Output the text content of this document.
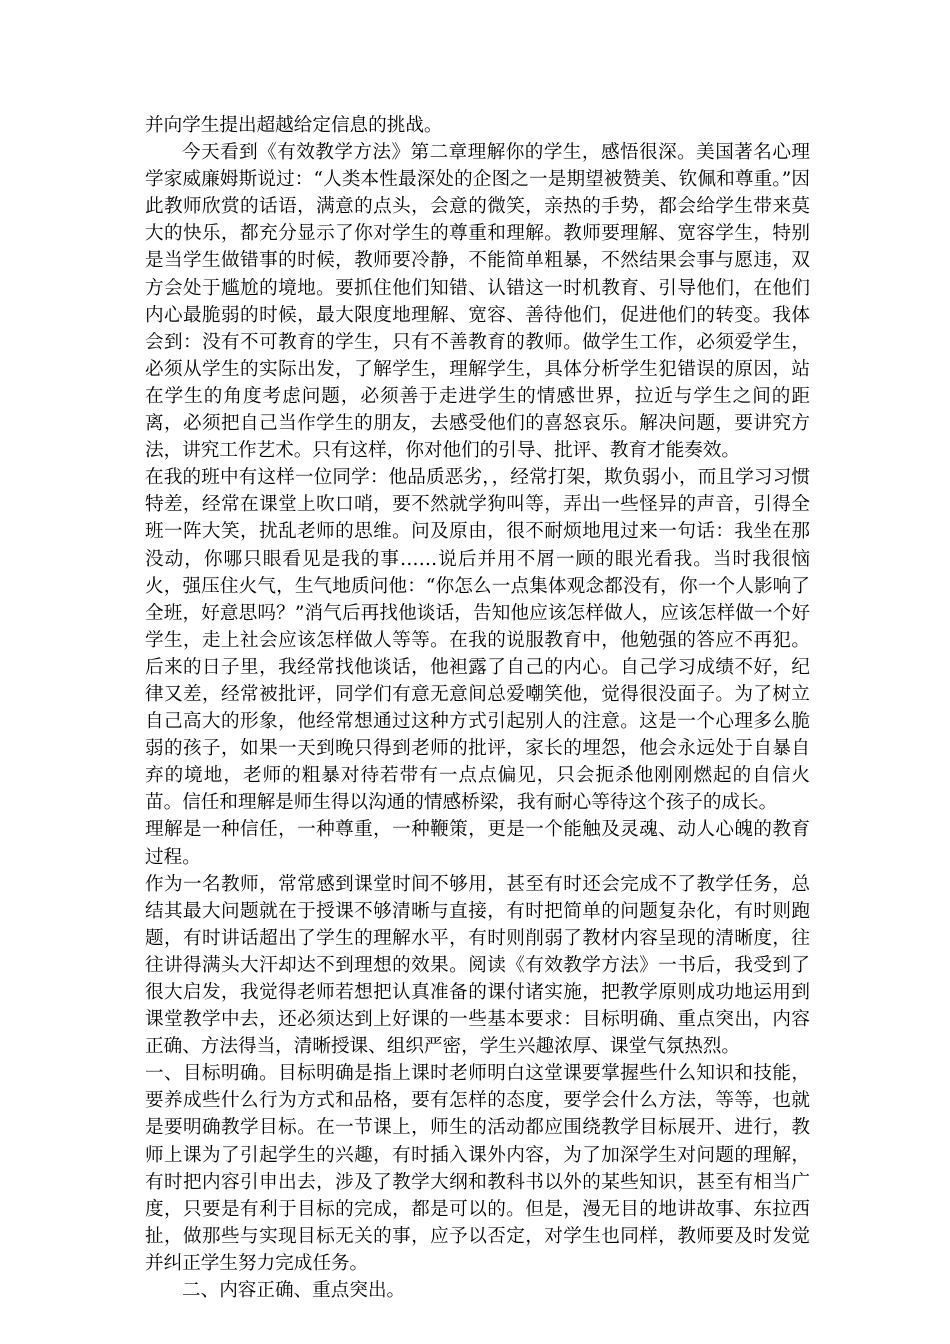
并向学生提出超越给定信息的挑战。

今天看到《有效教学方法》第二章理解你的学生，感悟很深。美国著名心理学家威廉姆斯说过：“人类本性最深处的企图之一是期望被赞美、钦佩和尊重。”因此教师欣赏的话语，满意的点头，会意的微笑，亲热的手势，都会给学生带来莫大的快乐，都充分显示了你对学生的尊重和理解。教师要理解、宽容学生，特别是当学生做错事的时候，教师要冷静，不能简单粗暴，不然结果会事与愿违，双方会处于尴尬的境地。要抓住他们知错、认错这一时机教育、引导他们，在他们内心最脆弱的时候，最大限度地理解、宽容、善待他们，促进他们的转变。我体会到：没有不可教育的学生，只有不善教育的教师。做学生工作，必须爱学生，必须从学生的实际出发，了解学生，理解学生，具体分析学生犯错误的原因，站在学生的角度考虑问题，必须善于走进学生的情感世界，拉近与学生之间的距离，必须把自己当作学生的朋友，去感受他们的喜怒哀乐。解决问题，要讲究方法，讲究工作艺术。只有这样，你对他们的引导、批评、教育才能奏效。

在我的班中有这样一位同学：他品质恶劣，，经常打架，欺负弱小，而且学习习惯特差，经常在课堂上吹口哨，要不然就学狗叫等，弄出一些怪异的声音，引得全班一阵大笑，扰乱老师的思维。问及原由，很不耐烦地甩过来一句话：我坐在那没动，你哪只眼看见是我的事……说后并用不屑一顾的眼光看我。当时我很恼火，强压住火气，生气地质问他：“你怎么一点集体观念都没有，你一个人影响了全班，好意思吗？”消气后再找他谈话，告知他应该怎样做人，应该怎样做一个好学生，走上社会应该怎样做人等等。在我的说服教育中，他勉强的答应不再犯。后来的日子里，我经常找他谈话，他袒露了自己的内心。自己学习成绩不好，纪律又差，经常被批评，同学们有意无意间总爱嘲笑他，觉得很没面子。为了树立自己高大的形象，他经常想通过这种方式引起别人的注意。这是一个心理多么脆弱的孩子，如果一天到晚只得到老师的批评，家长的埋怨，他会永远处于自暴自弃的境地，老师的粗暴对待若带有一点点偏见，只会扼杀他刚刚燃起的自信火苗。信任和理解是师生得以沟通的情感桥梁，我有耐心等待这个孩子的成长。

理解是一种信任，一种尊重，一种鞭策，更是一个能触及灵魂、动人心魄的教育过程。

作为一名教师，常常感到课堂时间不够用，甚至有时还会完成不了教学任务，总结其最大问题就在于授课不够清晰与直接，有时把简单的问题复杂化，有时则跑题，有时讲话超出了学生的理解水平，有时则削弱了教材内容呈现的清晰度，往往讲得满头大汗却达不到理想的效果。阅读《有效教学方法》一书后，我受到了很大启发，我觉得老师若想把认真准备的课付诸实施，把教学原则成功地运用到课堂教学中去，还必须达到上好课的一些基本要求：目标明确、重点突出，内容正确、方法得当，清晰授课、组织严密，学生兴趣浓厚、课堂气氛热烈。

一、目标明确。目标明确是指上课时老师明白这堂课要掌握些什么知识和技能，要养成些什么行为方式和品格，要有怎样的态度，要学会什么方法，等等，也就是要明确教学目标。在一节课上，师生的活动都应围绕教学目标展开、进行，教师上课为了引起学生的兴趣，有时插入课外内容，为了加深学生对问题的理解，有时把内容引申出去，涉及了教学大纲和教科书以外的某些知识，甚至有相当广度，只要是有利于目标的完成，都是可以的。但是，漫无目的地讲故事、东拉西扯，做那些与实现目标无关的事，应予以否定，对学生也同样，教师要及时发觉并纠正学生努力完成任务。

二、内容正确、重点突出。
